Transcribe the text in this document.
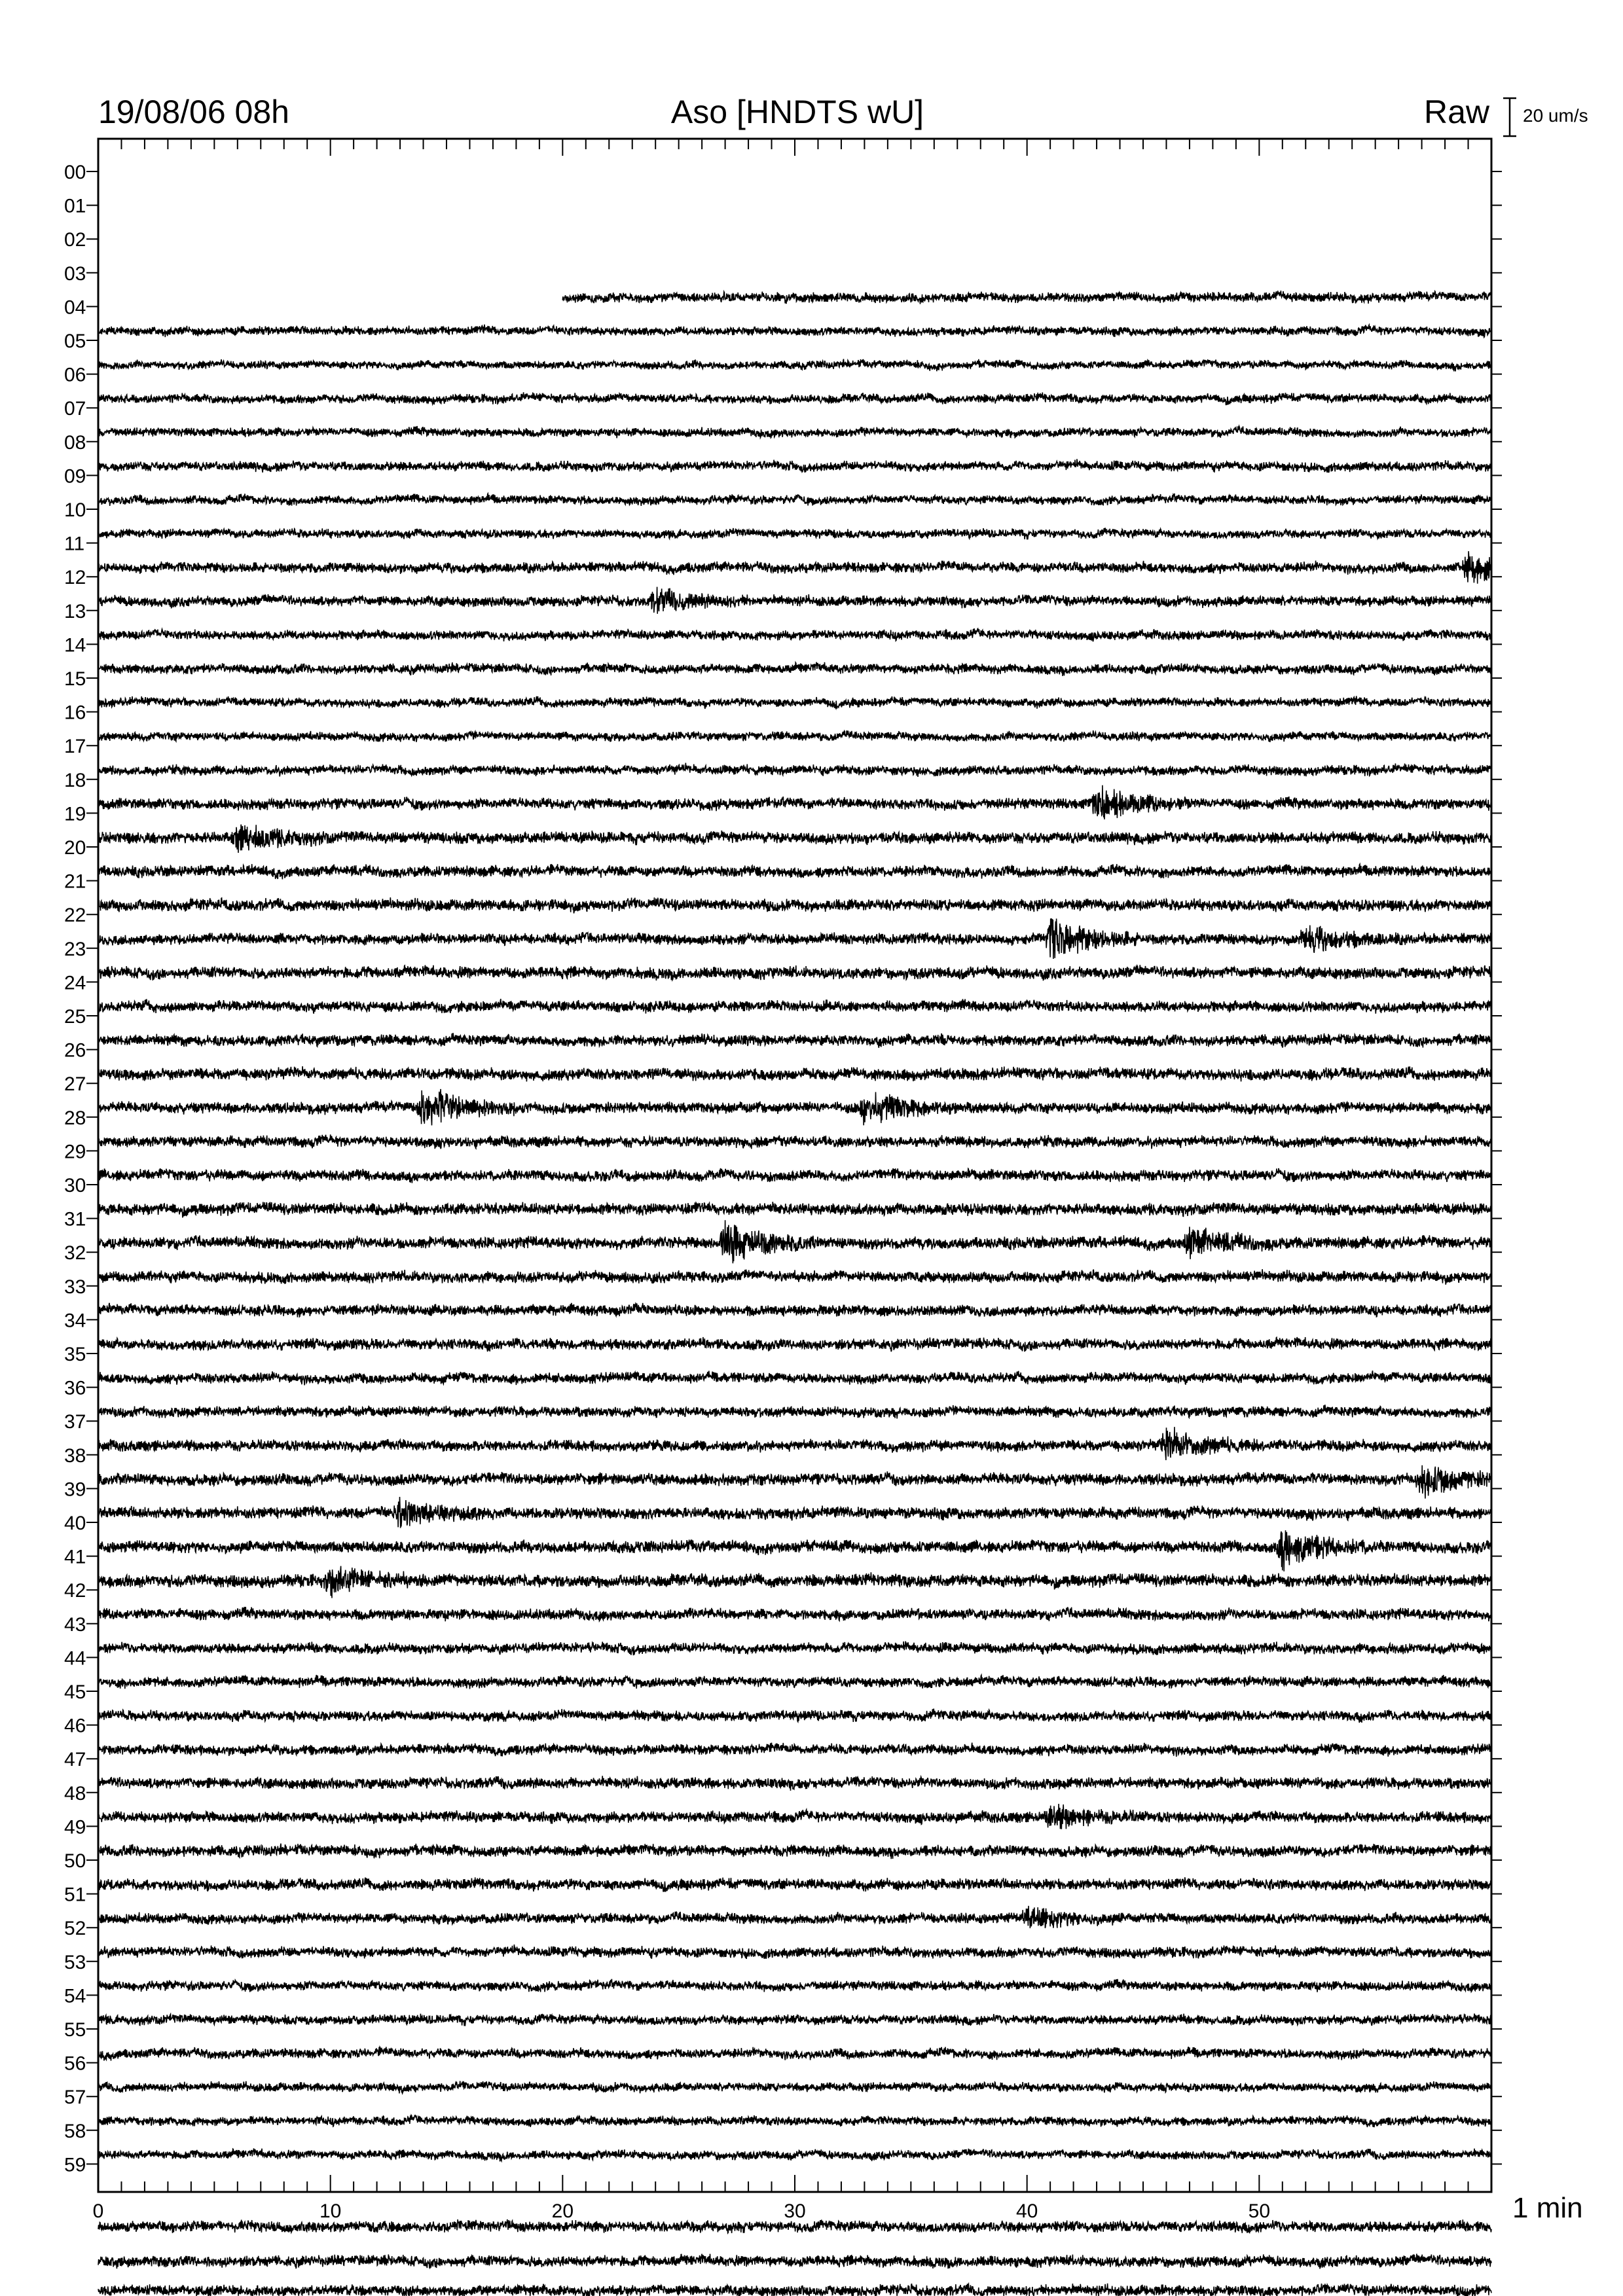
19/08/06 08h	Aso [HNDTS wU]	Raw 20 um/s
00
01
02
03
04
05
06
07
08
09
10
11
12
13
14
15
16
17
18
19
20
21
22
23
24
25
26
27
28
29
30
31
32
33
34
35
36
37
38
39
40
41
42
43
44
45
46
47
48
49
50
51
52
53
54
55
56
57
58
59
0	10	20	30	40	50	1 min
